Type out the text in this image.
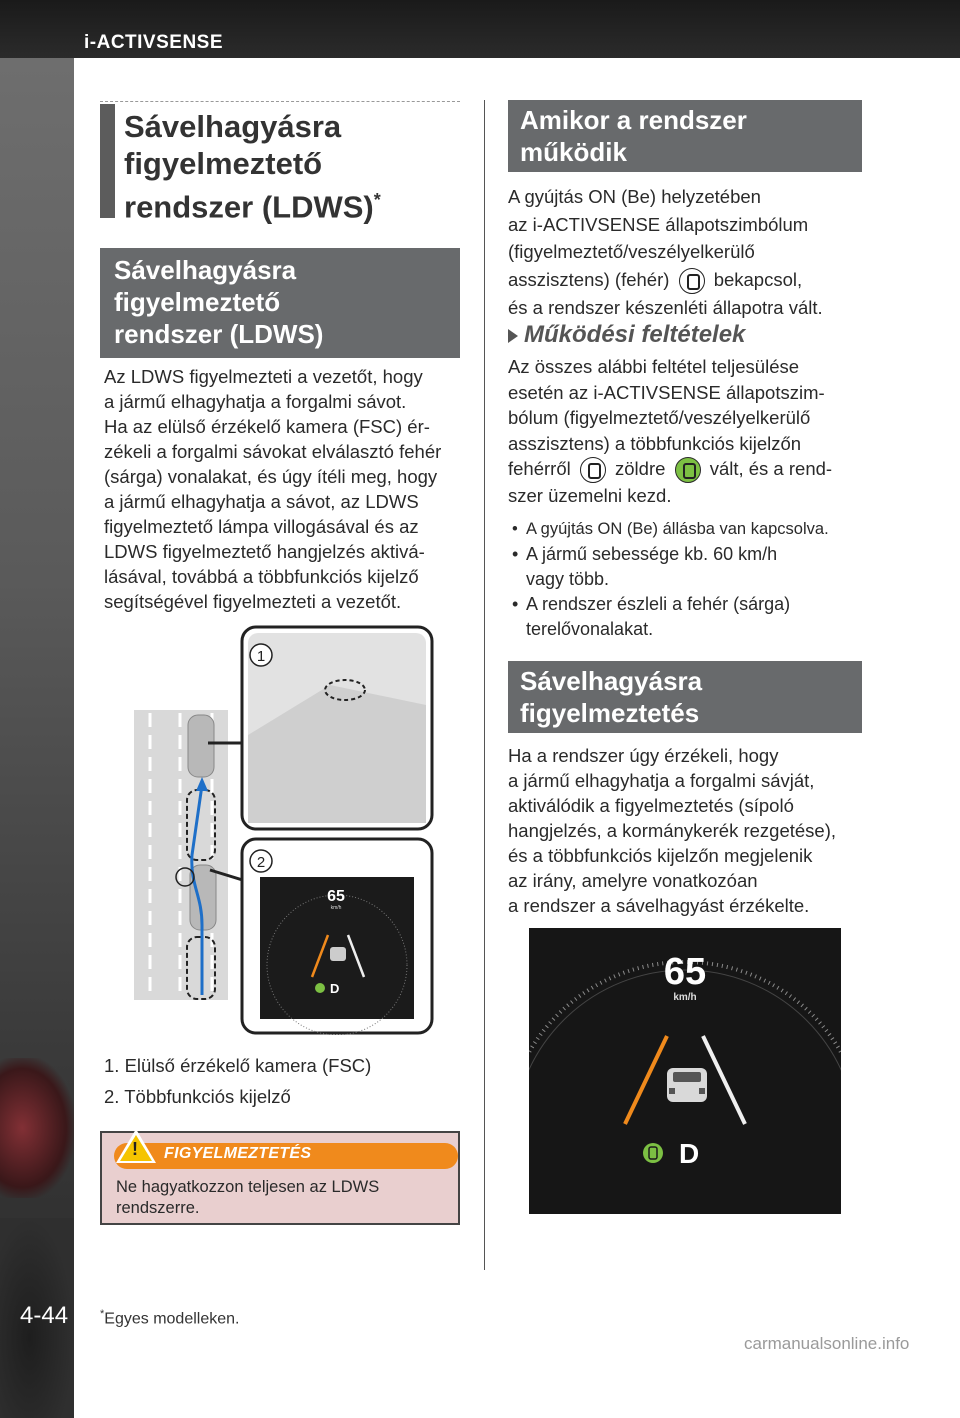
i-ACTIVSENSE
4-44
Sávelhagyásra
figyelmeztető
rendszer (LDWS)*
Sávelhagyásra
figyelmeztető
rendszer (LDWS)
Az LDWS figyelmezteti a vezetőt, hogy
a jármű elhagyhatja a forgalmi sávot.
Ha az elülső érzékelő kamera (FSC) ér-
zékeli a forgalmi sávokat elválasztó fehér
(sárga) vonalakat, és úgy ítéli meg, hogy
a jármű elhagyhatja a sávot, az LDWS
figyelmeztető lámpa villogásával és az
LDWS figyelmeztető hangjelzés aktivá-
lásával, továbbá a többfunkciós kijelző
segítségével figyelmezteti a vezetőt.
1
65
km/h
D
2
1. Elülső érzékelő kamera (FSC)
2. Többfunkciós kijelző
FIGYELMEZTETÉS
!
Ne hagyatkozzon teljesen az LDWS rendszerre.
Amikor a rendszer
működik
A gyújtás ON (Be) helyzetében
az i-ACTIVSENSE állapotszimbólum
(figyelmeztető/veszélyelkerülő
asszisztens) (fehér) bekapcsol,
és a rendszer készenléti állapotra vált.
Működési feltételek
Az összes alábbi feltétel teljesülése
esetén az i-ACTIVSENSE állapotszim-
bólum (figyelmeztető/veszélyelkerülő
asszisztens) a többfunkciós kijelzőn
fehérről zöldre vált, és a rend-
szer üzemelni kezd.
• A gyújtás ON (Be) állásba van kapcsolva.
• A jármű sebessége kb. 60 km/h
vagy több.
• A rendszer észleli a fehér (sárga)
terelővonalakat.
Sávelhagyásra
figyelmeztetés
Ha a rendszer úgy érzékeli, hogy
a jármű elhagyhatja a forgalmi sávját,
aktiválódik a figyelmeztetés (sípoló
hangjelzés, a kormánykerék rezgetése),
és a többfunkciós kijelzőn megjelenik
az irány, amelyre vonatkozóan
a rendszer a sávelhagyást érzékelte.
65
km/h
D
*Egyes modelleken.
carmanualsonline.info
